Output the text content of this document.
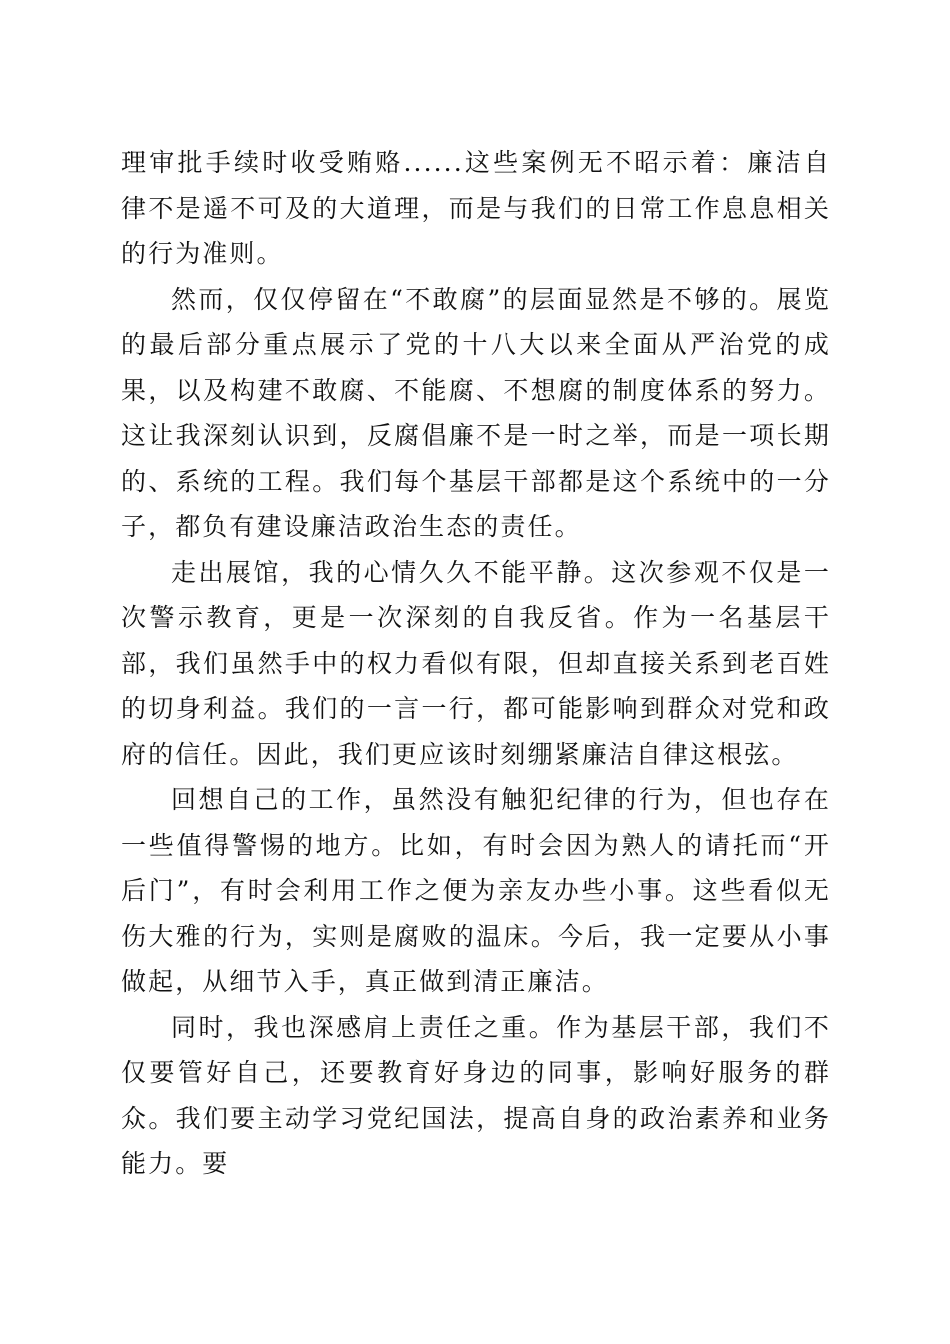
理审批手续时收受贿赂......这些案例无不昭示着：廉洁自律不是遥不可及的大道理，而是与我们的日常工作息息相关的行为准则。

然而，仅仅停留在“不敢腐”的层面显然是不够的。展览的最后部分重点展示了党的十八大以来全面从严治党的成果，以及构建不敢腐、不能腐、不想腐的制度体系的努力。这让我深刻认识到，反腐倡廉不是一时之举，而是一项长期的、系统的工程。我们每个基层干部都是这个系统中的一分子，都负有建设廉洁政治生态的责任。

走出展馆，我的心情久久不能平静。这次参观不仅是一次警示教育，更是一次深刻的自我反省。作为一名基层干部，我们虽然手中的权力看似有限，但却直接关系到老百姓的切身利益。我们的一言一行，都可能影响到群众对党和政府的信任。因此，我们更应该时刻绷紧廉洁自律这根弦。

回想自己的工作，虽然没有触犯纪律的行为，但也存在一些值得警惕的地方。比如，有时会因为熟人的请托而“开后门”，有时会利用工作之便为亲友办些小事。这些看似无伤大雅的行为，实则是腐败的温床。今后，我一定要从小事做起，从细节入手，真正做到清正廉洁。

同时，我也深感肩上责任之重。作为基层干部，我们不仅要管好自己，还要教育好身边的同事，影响好服务的群众。我们要主动学习党纪国法，提高自身的政治素养和业务能力。要
